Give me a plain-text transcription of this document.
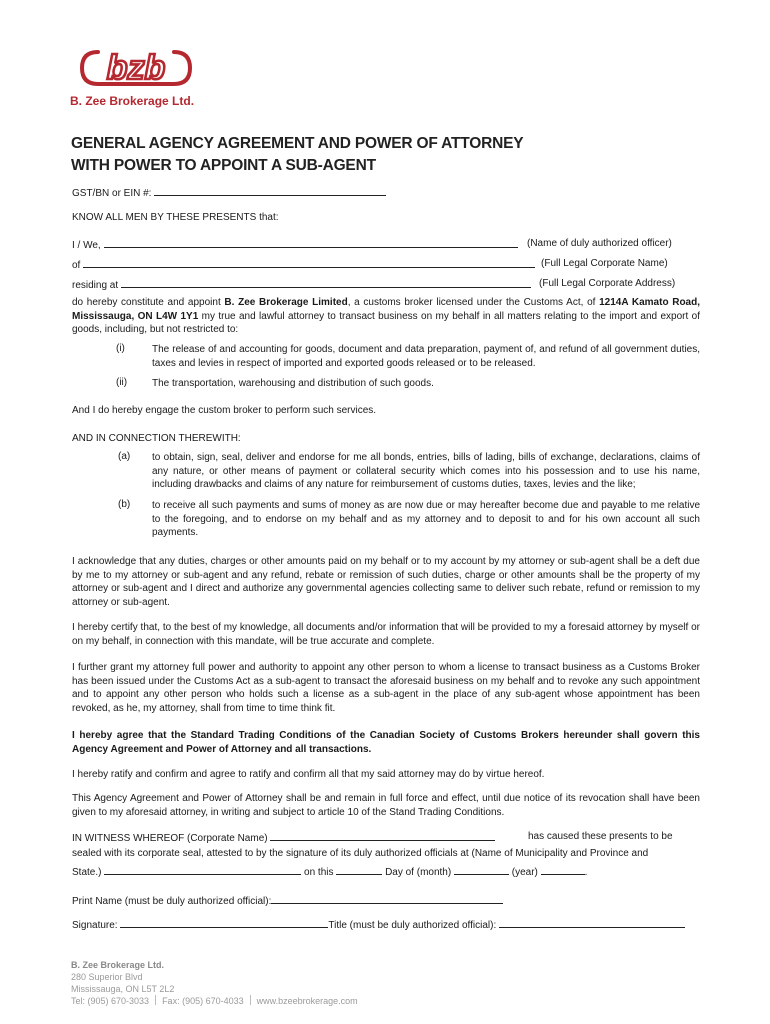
bzb
B. Zee Brokerage Ltd.
GENERAL AGENCY AGREEMENT AND POWER OF ATTORNEY
WITH POWER TO APPOINT A SUB-AGENT
GST/BN or EIN #:
KNOW ALL MEN BY THESE PRESENTS that:
I / We,	(Name of duly authorized officer)
of	(Full Legal Corporate Name)
residing at	(Full Legal Corporate Address)
do hereby constitute and appoint B. Zee Brokerage Limited, a customs broker licensed under the Customs Act, of 1214A Kamato Road, Mississauga, ON L4W 1Y1 my true and lawful attorney to transact business on my behalf in all matters relating to the import and export of goods, including, but not restricted to:
(i)	The release of and accounting for goods, document and data preparation, payment of, and refund of all government duties, taxes and levies in respect of imported and exported goods released or to be released.
(ii) The transportation, warehousing and distribution of such goods.
And I do hereby engage the custom broker to perform such services.
AND IN CONNECTION THEREWITH:
(a) to obtain, sign, seal, deliver and endorse for me all bonds, entries, bills of lading, bills of exchange, declarations, claims of any nature, or other means of payment or collateral security which comes into his possession and to use his name, including drawbacks and claims of any nature for reimbursement of customs duties, taxes, levies and the like;
(b) to receive all such payments and sums of money as are now due or may hereafter become due and payable to me relative to the foregoing, and to endorse on my behalf and as my attorney and to deposit to and for his own account all such payments.
I acknowledge that any duties, charges or other amounts paid on my behalf or to my account by my attorney or sub-agent shall be a deft due by me to my attorney or sub-agent and any refund, rebate or remission of such duties, charge or other amounts shall be the property of my attorney or sub-agent and I direct and authorize any governmental agencies collecting same to deliver such rebate, refund or remission to my attorney or sub-agent.
I hereby certify that, to the best of my knowledge, all documents and/or information that will be provided to my a foresaid attorney by myself or on my behalf, in connection with this mandate, will be true accurate and complete.
I further grant my attorney full power and authority to appoint any other person to whom a license to transact business as a Customs Broker has been issued under the Customs Act as a sub-agent to transact the aforesaid business on my behalf and to revoke any such appointment and to appoint any other person who holds such a license as a sub-agent in the place of any sub-agent whose appointment has been revoked, as he, my attorney, shall from time to time think fit.
I hereby agree that the Standard Trading Conditions of the Canadian Society of Customs Brokers hereunder shall govern this Agency Agreement and Power of Attorney and all transactions.
I hereby ratify and confirm and agree to ratify and confirm all that my said attorney may do by virtue hereof.
This Agency Agreement and Power of Attorney shall be and remain in full force and effect, until due notice of its revocation shall have been given to my aforesaid attorney, in writing and subject to article 10 of the Stand Trading Conditions.
IN WITNESS WHEREOF (Corporate Name)	has caused these presents to be
sealed with its corporate seal, attested to by the signature of its duly authorized officials at (Name of Municipality and Province and
State.)	on this	Day of (month)	(year)	.
Print Name (must be duly authorized official):
Signature:	Title (must be duly authorized official):
B. Zee Brokerage Ltd.
280 Superior Blvd
Mississauga, ON L5T 2L2
Tel: (905) 670-3033 Fax: (905) 670-4033 www.bzeebrokerage.com
